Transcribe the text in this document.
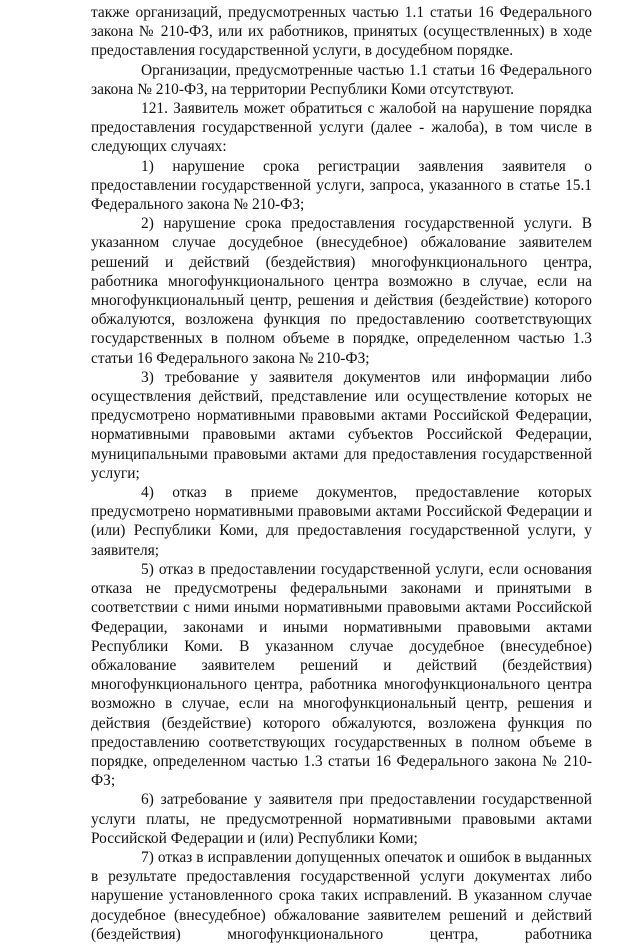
также организаций, предусмотренных частью 1.1 статьи 16 Федерального закона № 210-ФЗ, или их работников, принятых (осуществленных) в ходе предоставления государственной услуги, в досудебном порядке.

Организации, предусмотренные частью 1.1 статьи 16 Федерального закона № 210-ФЗ, на территории Республики Коми отсутствуют.

121. Заявитель может обратиться с жалобой на нарушение порядка предоставления государственной услуги (далее - жалоба), в том числе в следующих случаях:

1) нарушение срока регистрации заявления заявителя о предоставлении государственной услуги, запроса, указанного в статье 15.1 Федерального закона № 210-ФЗ;

2) нарушение срока предоставления государственной услуги. В указанном случае досудебное (внесудебное) обжалование заявителем решений и действий (бездействия) многофункционального центра, работника многофункционального центра возможно в случае, если на многофункциональный центр, решения и действия (бездействие) которого обжалуются, возложена функция по предоставлению соответствующих государственных в полном объеме в порядке, определенном частью 1.3 статьи 16 Федерального закона № 210-ФЗ;

3) требование у заявителя документов или информации либо осуществления действий, представление или осуществление которых не предусмотрено нормативными правовыми актами Российской Федерации, нормативными правовыми актами субъектов Российской Федерации, муниципальными правовыми актами для предоставления государственной услуги;

4) отказ в приеме документов, предоставление которых предусмотрено нормативными правовыми актами Российской Федерации и (или) Республики Коми, для предоставления государственной услуги, у заявителя;

5) отказ в предоставлении государственной услуги, если основания отказа не предусмотрены федеральными законами и принятыми в соответствии с ними иными нормативными правовыми актами Российской Федерации, законами и иными нормативными правовыми актами Республики Коми. В указанном случае досудебное (внесудебное) обжалование заявителем решений и действий (бездействия) многофункционального центра, работника многофункционального центра возможно в случае, если на многофункциональный центр, решения и действия (бездействие) которого обжалуются, возложена функция по предоставлению соответствующих государственных в полном объеме в порядке, определенном частью 1.3 статьи 16 Федерального закона № 210-ФЗ;

6) затребование у заявителя при предоставлении государственной услуги платы, не предусмотренной нормативными правовыми актами Российской Федерации и (или) Республики Коми;

7) отказ в исправлении допущенных опечаток и ошибок в выданных в результате предоставления государственной услуги документах либо нарушение установленного срока таких исправлений. В указанном случае досудебное (внесудебное) обжалование заявителем решений и действий (бездействия) многофункционального центра, работника
